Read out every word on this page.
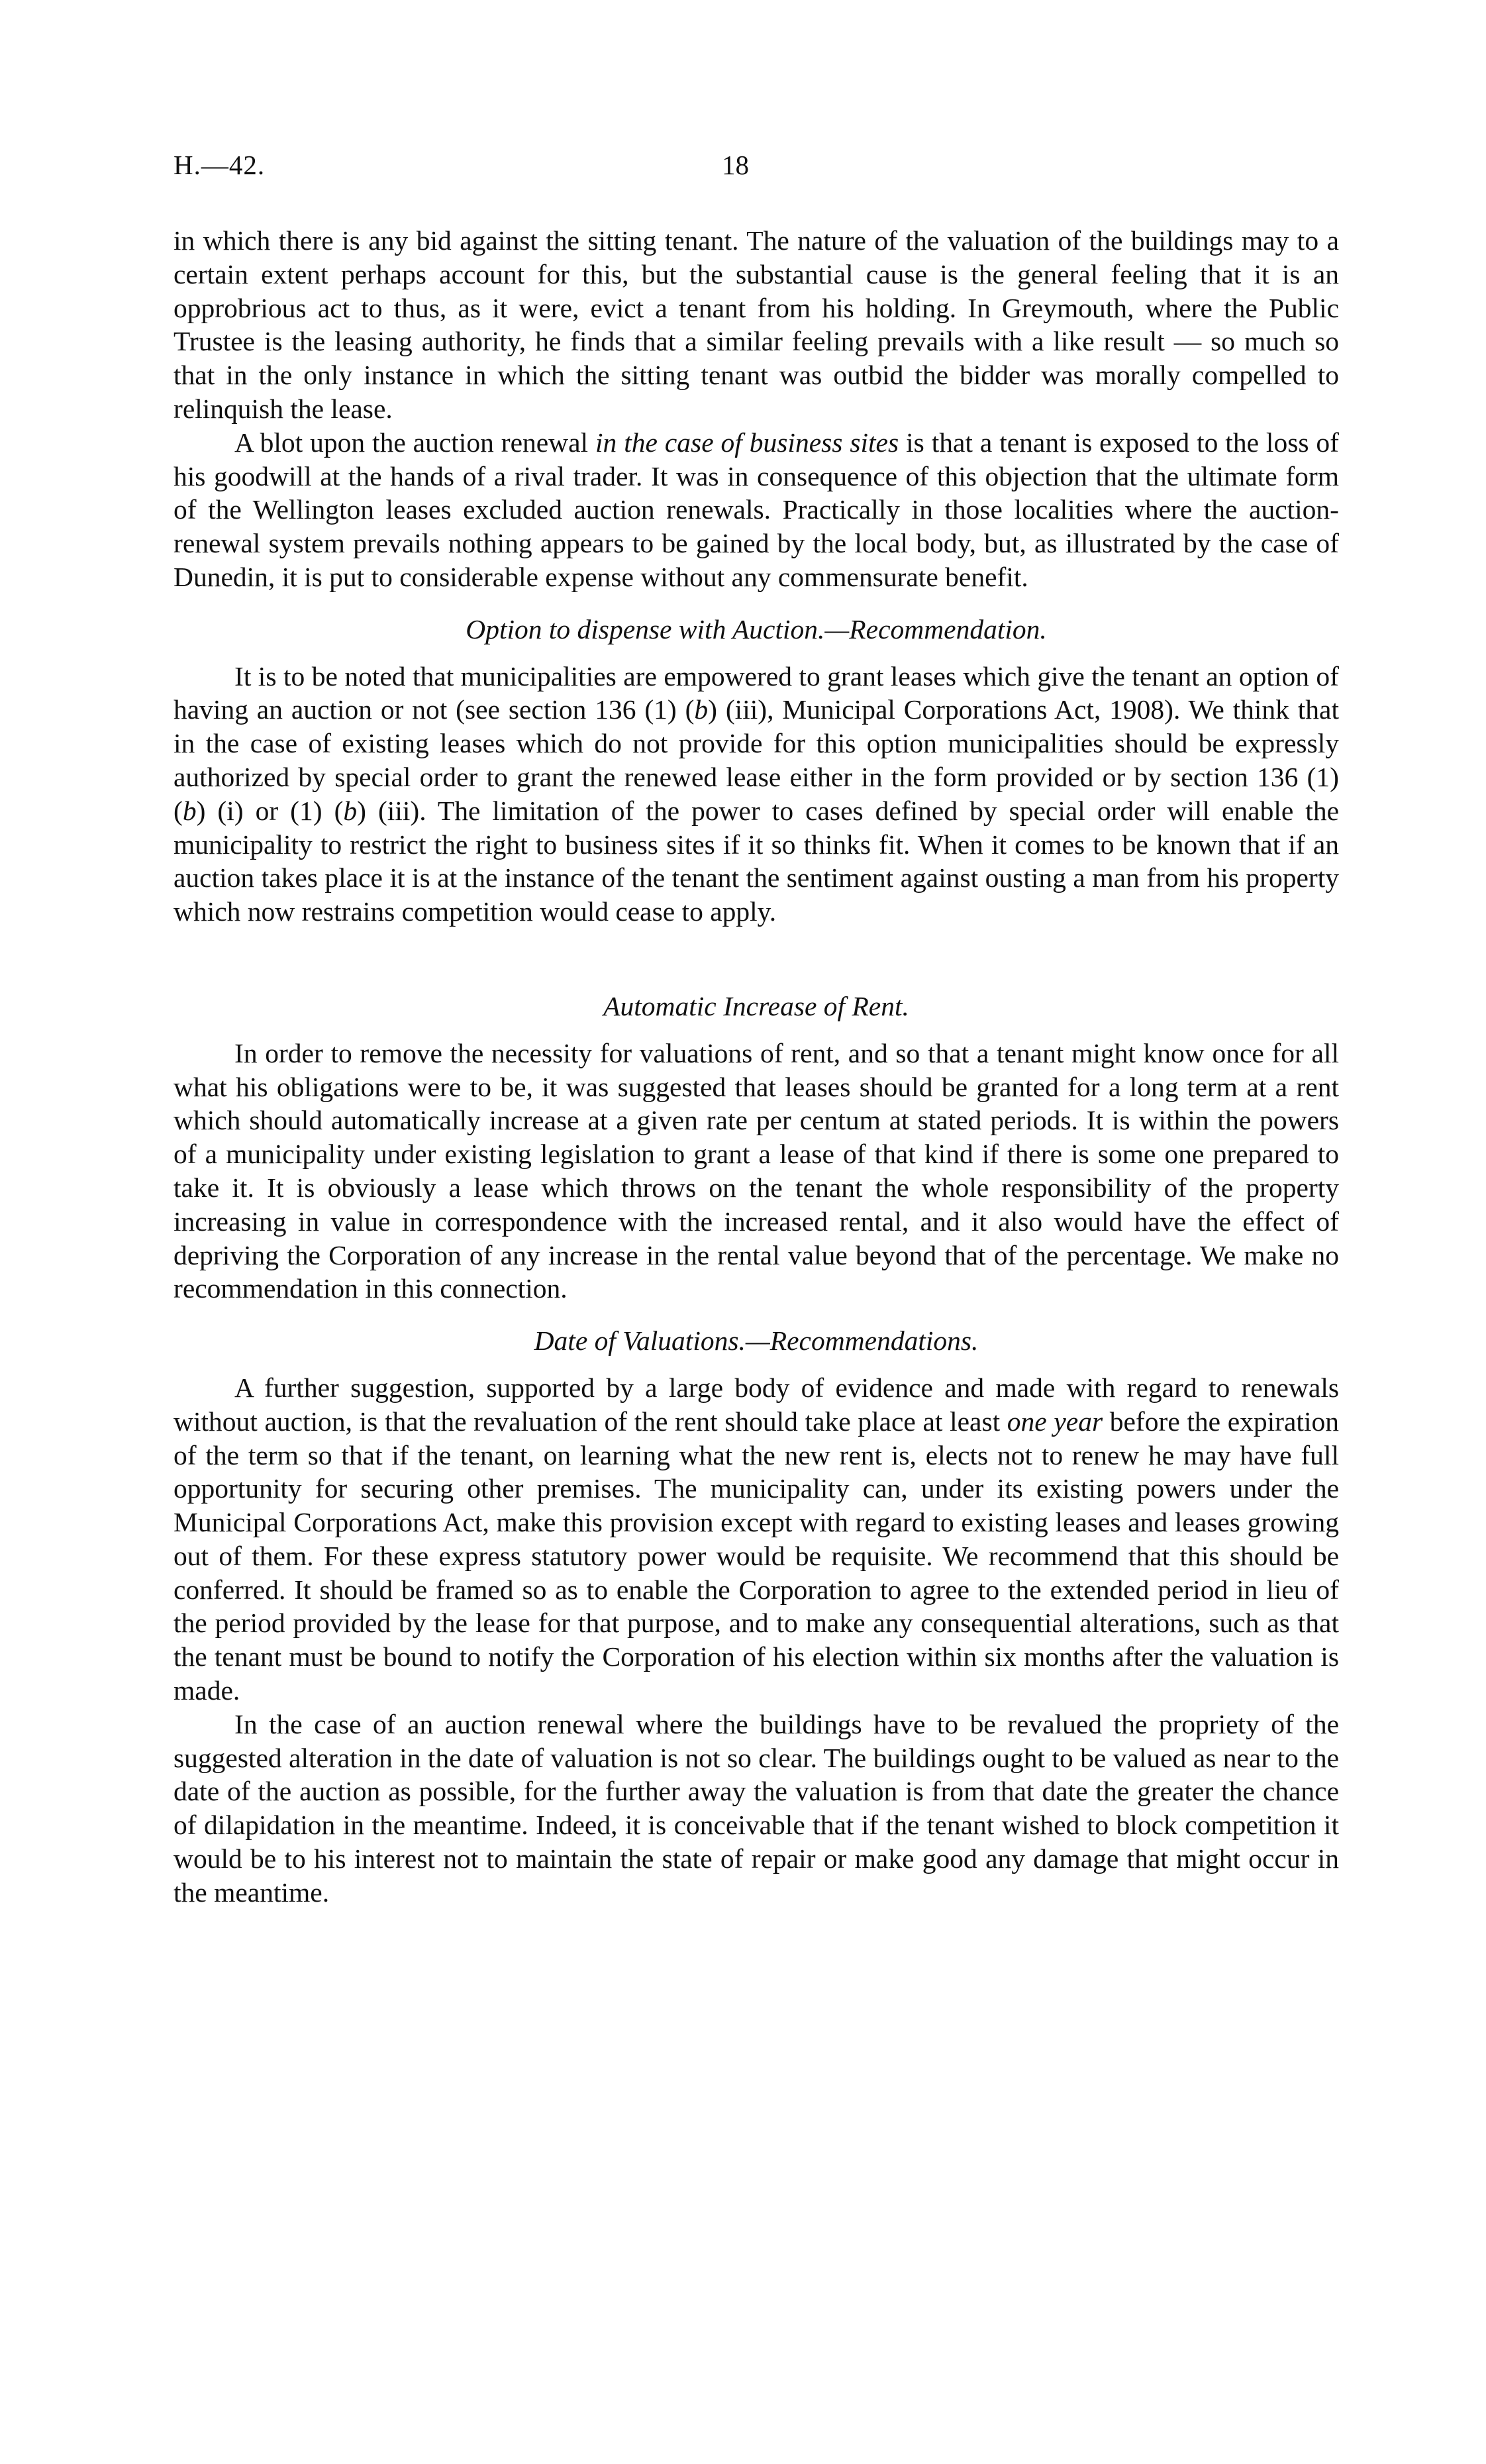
H.—42.	18

in which there is any bid against the sitting tenant. The nature of the valuation of the buildings may to a certain extent perhaps account for this, but the substantial cause is the general feeling that it is an opprobrious act to thus, as it were, evict a tenant from his holding. In Greymouth, where the Public Trustee is the leasing authority, he finds that a similar feeling prevails with a like result — so much so that in the only instance in which the sitting tenant was outbid the bidder was morally compelled to relinquish the lease.

A blot upon the auction renewal in the case of business sites is that a tenant is exposed to the loss of his goodwill at the hands of a rival trader. It was in consequence of this objection that the ultimate form of the Wellington leases excluded auction renewals. Practically in those localities where the auction-renewal system prevails nothing appears to be gained by the local body, but, as illustrated by the case of Dunedin, it is put to considerable expense without any commensurate benefit.

Option to dispense with Auction.—Recommendation.

It is to be noted that municipalities are empowered to grant leases which give the tenant an option of having an auction or not (see section 136 (1) (b) (iii), Municipal Corporations Act, 1908). We think that in the case of existing leases which do not provide for this option municipalities should be expressly authorized by special order to grant the renewed lease either in the form provided or by section 136 (1) (b) (i) or (1) (b) (iii). The limitation of the power to cases defined by special order will enable the municipality to restrict the right to business sites if it so thinks fit. When it comes to be known that if an auction takes place it is at the instance of the tenant the sentiment against ousting a man from his property which now restrains competition would cease to apply.

Automatic Increase of Rent.

In order to remove the necessity for valuations of rent, and so that a tenant might know once for all what his obligations were to be, it was suggested that leases should be granted for a long term at a rent which should automatically increase at a given rate per centum at stated periods. It is within the powers of a municipality under existing legislation to grant a lease of that kind if there is some one prepared to take it. It is obviously a lease which throws on the tenant the whole responsibility of the property increasing in value in correspondence with the increased rental, and it also would have the effect of depriving the Corporation of any increase in the rental value beyond that of the percentage. We make no recommendation in this connection.

Date of Valuations.—Recommendations.

A further suggestion, supported by a large body of evidence and made with regard to renewals without auction, is that the revaluation of the rent should take place at least one year before the expiration of the term so that if the tenant, on learning what the new rent is, elects not to renew he may have full opportunity for securing other premises. The municipality can, under its existing powers under the Municipal Corporations Act, make this provision except with regard to existing leases and leases growing out of them. For these express statutory power would be requisite. We recommend that this should be conferred. It should be framed so as to enable the Corporation to agree to the extended period in lieu of the period provided by the lease for that purpose, and to make any consequential alterations, such as that the tenant must be bound to notify the Corporation of his election within six months after the valuation is made.

In the case of an auction renewal where the buildings have to be revalued the propriety of the suggested alteration in the date of valuation is not so clear. The buildings ought to be valued as near to the date of the auction as possible, for the further away the valuation is from that date the greater the chance of dilapidation in the meantime. Indeed, it is conceivable that if the tenant wished to block competition it would be to his interest not to maintain the state of repair or make good any damage that might occur in the meantime.
